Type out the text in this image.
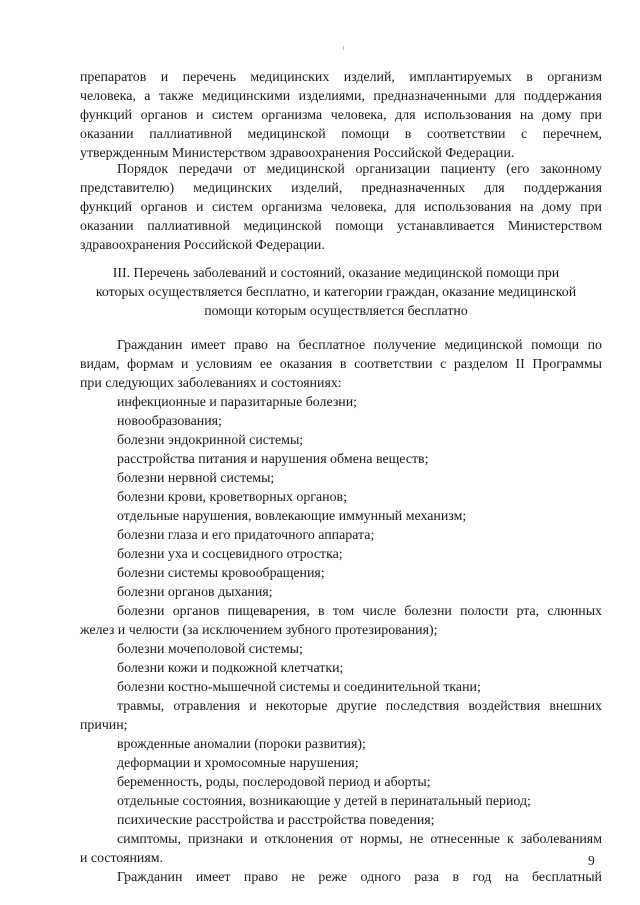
препаратов и перечень медицинских изделий, имплантируемых в организм
человека, а также медицинскими изделиями, предназначенными для поддержания
функций органов и систем организма человека, для использования на дому при
оказании паллиативной медицинской помощи в соответствии с перечнем,
утвержденным Министерством здравоохранения Российской Федерации.
Порядок передачи от медицинской организации пациенту (его законному
представителю) медицинских изделий, предназначенных для поддержания
функций органов и систем организма человека, для использования на дому при
оказании паллиативной медицинской помощи устанавливается Министерством
здравоохранения Российской Федерации.
III. Перечень заболеваний и состояний, оказание медицинской помощи при
которых осуществляется бесплатно, и категории граждан, оказание медицинской
помощи которым осуществляется бесплатно
Гражданин имеет право на бесплатное получение медицинской помощи по
видам, формам и условиям ее оказания в соответствии с разделом II Программы
при следующих заболеваниях и состояниях:
инфекционные и паразитарные болезни;
новообразования;
болезни эндокринной системы;
расстройства питания и нарушения обмена веществ;
болезни нервной системы;
болезни крови, кроветворных органов;
отдельные нарушения, вовлекающие иммунный механизм;
болезни глаза и его придаточного аппарата;
болезни уха и сосцевидного отростка;
болезни системы кровообращения;
болезни органов дыхания;
болезни органов пищеварения, в том числе болезни полости рта, слюнных
желез и челюсти (за исключением зубного протезирования);
болезни мочеполовой системы;
болезни кожи и подкожной клетчатки;
болезни костно-мышечной системы и соединительной ткани;
травмы, отравления и некоторые другие последствия воздействия внешних
причин;
врожденные аномалии (пороки развития);
деформации и хромосомные нарушения;
беременность, роды, послеродовой период и аборты;
отдельные состояния, возникающие у детей в перинатальный период;
психические расстройства и расстройства поведения;
симптомы, признаки и отклонения от нормы, не отнесенные к заболеваниям
и состояниям.
Гражданин имеет право не реже одного раза в год на бесплатный
9
